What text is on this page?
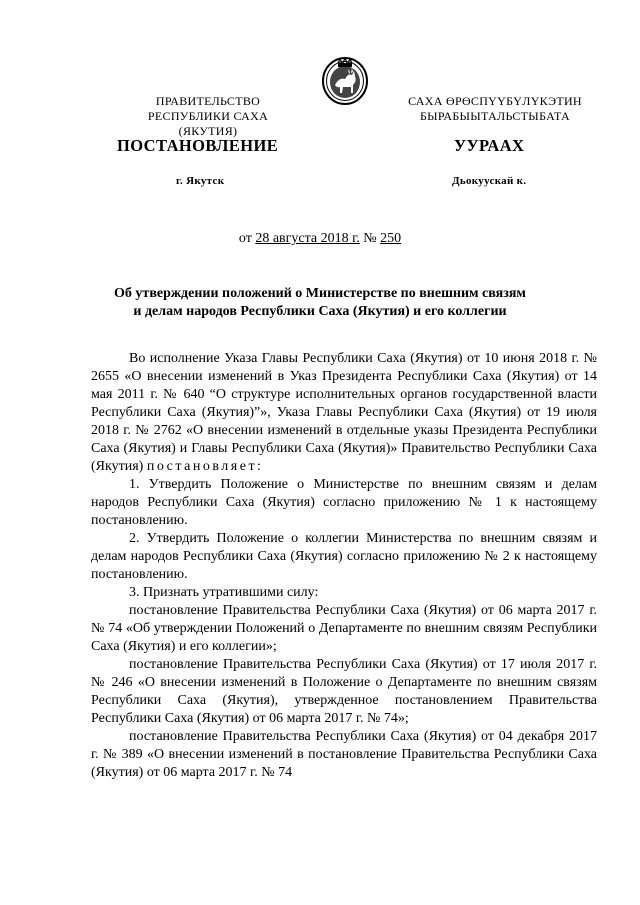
ПРАВИТЕЛЬСТВО
РЕСПУБЛИКИ САХА (ЯКУТИЯ)
САХА ӨРӨСПҮҮБҮЛҮКЭТИН
БЫРАБЫЫТАЛЬСТЫБАТА
ПОСТАНОВЛЕНИЕ	УУРААХ
г. Якутск	Дьокуускай к.
от 28 августа 2018 г. № 250
Об утверждении положений о Министерстве по внешним связям
и делам народов Республики Саха (Якутия) и его коллегии

Во исполнение Указа Главы Республики Саха (Якутия) от 10 июня 2018 г. № 2655 «О внесении изменений в Указ Президента Республики Саха (Якутия) от 14 мая 2011 г. № 640 “О структуре исполнительных органов государственной власти Республики Саха (Якутия)”», Указа Главы Республики Саха (Якутия) от 19 июля 2018 г. № 2762 «О внесении изменений в отдельные указы Президента Республики Саха (Якутия) и Главы Республики Саха (Якутия)» Правительство Республики Саха (Якутия) постановляет:

1. Утвердить Положение о Министерстве по внешним связям и делам народов Республики Саха (Якутия) согласно приложению № 1 к настоящему постановлению.

2. Утвердить Положение о коллегии Министерства по внешним связям и делам народов Республики Саха (Якутия) согласно приложению № 2 к настоящему постановлению.

3. Признать утратившими силу:

постановление Правительства Республики Саха (Якутия) от 06 марта 2017 г. № 74 «Об утверждении Положений о Департаменте по внешним связям Республики Саха (Якутия) и его коллегии»;

постановление Правительства Республики Саха (Якутия) от 17 июля 2017 г. № 246 «О внесении изменений в Положение о Департаменте по внешним связям Республики Саха (Якутия), утвержденное постановлением Правительства Республики Саха (Якутия) от 06 марта 2017 г. № 74»;

постановление Правительства Республики Саха (Якутия) от 04 декабря 2017 г. № 389 «О внесении изменений в постановление Правительства Республики Саха (Якутия) от 06 марта 2017 г. № 74
